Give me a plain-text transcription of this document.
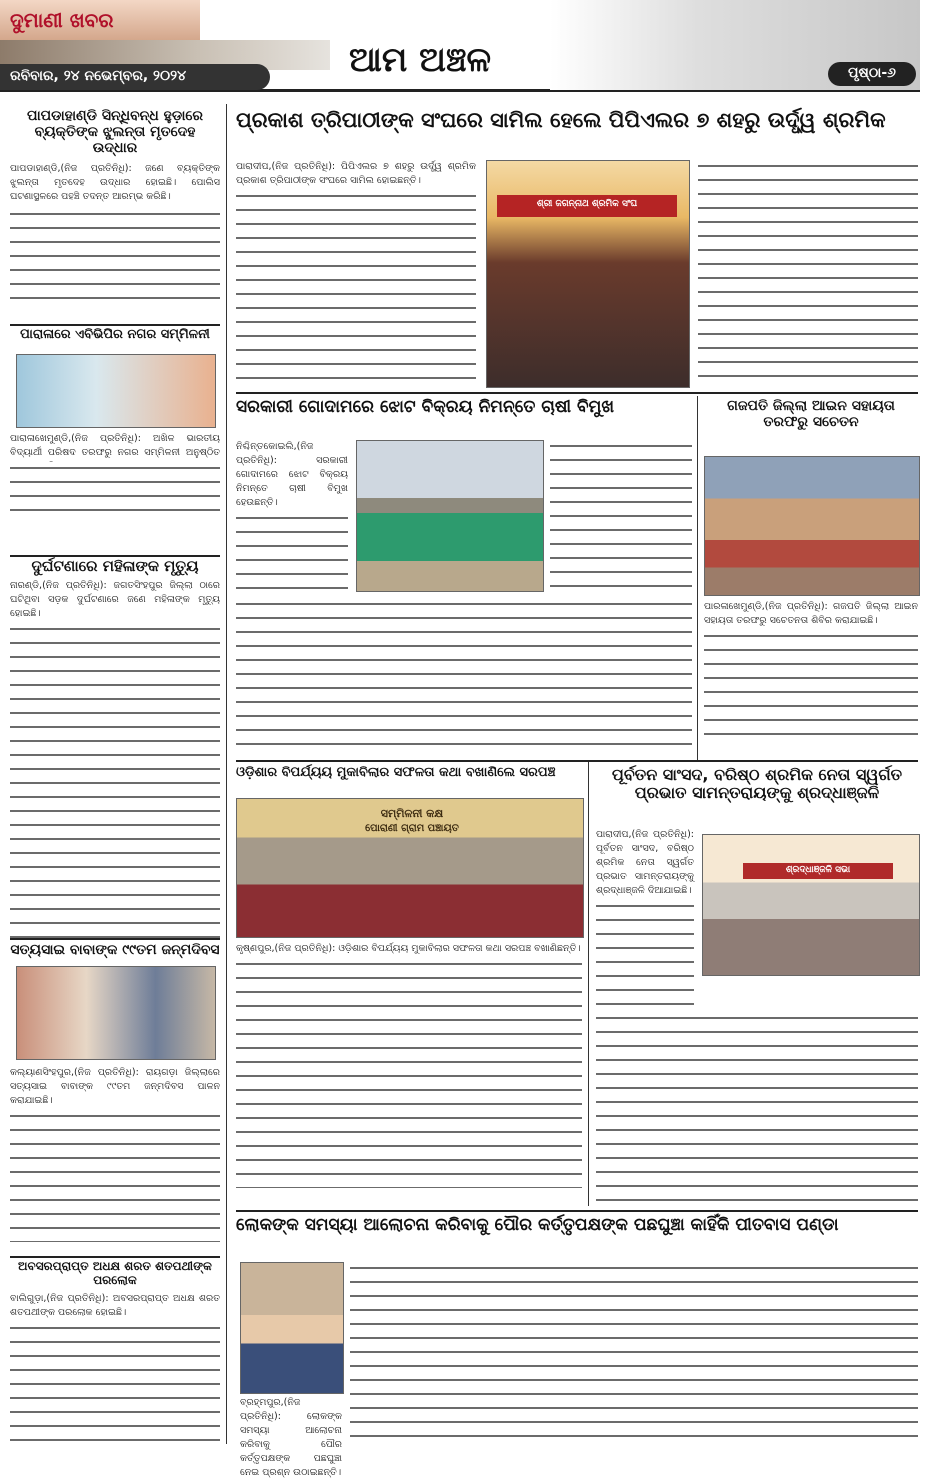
ଦୁମାଣୀ ଖବର
ରବିବାର, ୨୪ ନଭେମ୍ବର, ୨୦୨୪	ଆମ ଅଞ୍ଚଳ	ପୃଷ୍ଠା-୬
ପାପଡାହାଣ୍ଡି ସିନ୍ଧିବନ୍ଧ ହୁଡ଼ାରେ ବ୍ୟକ୍ତିଙ୍କ ଝୁଲନ୍ତା ମୃତଦେହ ଉଦ୍ଧାର
ପାପଡାହାଣ୍ଡି,(ନିଜ ପ୍ରତିନିଧି): ଜଣେ ବ୍ୟକ୍ତିଙ୍କ ଝୁଲନ୍ତା ମୃତଦେହ ଉଦ୍ଧାର ହୋଇଛି। ପୋଲିସ ଘଟଣାସ୍ଥଳରେ ପହଞ୍ଚି ତଦନ୍ତ ଆରମ୍ଭ କରିଛି।
ପାରାଳାରେ ଏବିଭିପିର ନଗର ସମ୍ମିଳନୀ
ପାରାଳାଖେମୁଣ୍ଡି,(ନିଜ ପ୍ରତିନିଧି): ଅଖିଳ ଭାରତୀୟ ବିଦ୍ୟାର୍ଥୀ ପରିଷଦ ତରଫରୁ ନଗର ସମ୍ମିଳନୀ ଅନୁଷ୍ଠିତ
ଦୁର୍ଘଟଣାରେ ମହିଳାଙ୍କ ମୃତ୍ୟୁ
ନାରଣ୍ଡି,(ନିଜ ପ୍ରତିନିଧି): ଜଗତସିଂହପୁର ଜିଲ୍ଲା ଠାରେ ଘଟିଥିବା ସଡ଼କ ଦୁର୍ଘଟଣାରେ ଜଣେ ମହିଳାଙ୍କ ମୃତ୍ୟୁ ହୋଇଛି।
ସତ୍ୟସାଇ ବାବାଙ୍କ ୯୯ତମ ଜନ୍ମଦିବସ
କଲ୍ୟାଣସିଂହପୁର,(ନିଜ ପ୍ରତିନିଧି): ରାୟଗଡ଼ା ଜିଲ୍ଲାରେ ସତ୍ୟସାଇ ବାବାଙ୍କ ୯୯ତମ ଜନ୍ମଦିବସ ପାଳନ କରାଯାଇଛି।
ଅବସରପ୍ରାପ୍ତ ଅଧକ୍ଷ ଶରତ ଶତପଥୀଙ୍କ ପରଲୋକ
ବାଲିଗୁଡ଼ା,(ନିଜ ପ୍ରତିନିଧି): ଅବସରପ୍ରାପ୍ତ ଅଧକ୍ଷ ଶରତ ଶତପଥୀଙ୍କ ପରଲୋକ ହୋଇଛି।
ପ୍ରକାଶ ତ୍ରିପାଠୀଙ୍କ ସଂଘରେ ସାମିଲ ହେଲେ ପିପିଏଲର ୭ ଶହରୁ ଉର୍ଦ୍ଧ୍ୱ ଶ୍ରମିକ
ପାରାଦୀପ,(ନିଜ ପ୍ରତିନିଧି): ପିପିଏଲର ୭ ଶହରୁ ଉର୍ଦ୍ଧ୍ୱ ଶ୍ରମିକ ପ୍ରକାଶ ତ୍ରିପାଠୀଙ୍କ ସଂଘରେ ସାମିଲ ହୋଇଛନ୍ତି।
ଶ୍ରୀ ଜଗନ୍ନାଥ ଶ୍ରମିକ ସଂଘ
ସରକାରୀ ଗୋଦାମରେ ଝୋଟ ବିକ୍ରୟ ନିମନ୍ତେ ଚାଷୀ ବିମୁଖ
ନିଶ୍ଚିନ୍ତକୋଇଲି,(ନିଜ ପ୍ରତିନିଧି): ସରକାରୀ ଗୋଦାମରେ ଝୋଟ ବିକ୍ରୟ ନିମନ୍ତେ ଚାଷୀ ବିମୁଖ ହେଉଛନ୍ତି।
ଗଜପତି ଜିଲ୍ଲା ଆଇନ ସହାୟତା ତରଫରୁ ସଚେତନ
ପାରଳାଖେମୁଣ୍ଡି,(ନିଜ ପ୍ରତିନିଧି): ଗଜପତି ଜିଲ୍ଲା ଆଇନ ସହାୟତା ତରଫରୁ ସଚେତନତା ଶିବିର କରାଯାଇଛି।
ଓଡ଼ିଶାର ବିପର୍ଯ୍ୟୟ ମୁକାବିଲାର ସଫଳତା କଥା ବଖାଣିଲେ ସରପଞ୍ଚ
ସମ୍ମିଳନୀ କକ୍ଷ
ପୋରାଣୀ ଗ୍ରାମ ପଞ୍ଚାୟତ
କୃଷ୍ଣପୁର,(ନିଜ ପ୍ରତିନିଧି): ଓଡ଼ିଶାର ବିପର୍ଯ୍ୟୟ ମୁକାବିଲାର ସଫଳତା କଥା ସରପଞ୍ଚ ବଖାଣିଛନ୍ତି।
ପୂର୍ବତନ ସାଂସଦ, ବରିଷ୍ଠ ଶ୍ରମିକ ନେତା ସ୍ୱର୍ଗତ ପ୍ରଭାତ ସାମନ୍ତରାୟଙ୍କୁ ଶ୍ରଦ୍ଧାଞ୍ଜଳି
ପାରାଦୀପ,(ନିଜ ପ୍ରତିନିଧି): ପୂର୍ବତନ ସାଂସଦ, ବରିଷ୍ଠ ଶ୍ରମିକ ନେତା ସ୍ୱର୍ଗତ ପ୍ରଭାତ ସାମନ୍ତରାୟଙ୍କୁ ଶ୍ରଦ୍ଧାଞ୍ଜଳି ଦିଆଯାଇଛି।
ଶ୍ରଦ୍ଧାଞ୍ଜଳି ସଭା
ଲୋକଙ୍କ ସମସ୍ୟା ଆଲୋଚନା କରିବାକୁ ପୌର କର୍ତ୍ତୃପକ୍ଷଙ୍କ ପଛଘୁଞ୍ଚା କାହିଁକି ପୀତବାସ ପଣ୍ଡା
ବ୍ରହ୍ମପୁର,(ନିଜ ପ୍ରତିନିଧି): ଲୋକଙ୍କ ସମସ୍ୟା ଆଲୋଚନା କରିବାକୁ ପୌର କର୍ତ୍ତୃପକ୍ଷଙ୍କ ପଛଘୁଞ୍ଚା ନେଇ ପ୍ରଶ୍ନ ଉଠାଇଛନ୍ତି।
